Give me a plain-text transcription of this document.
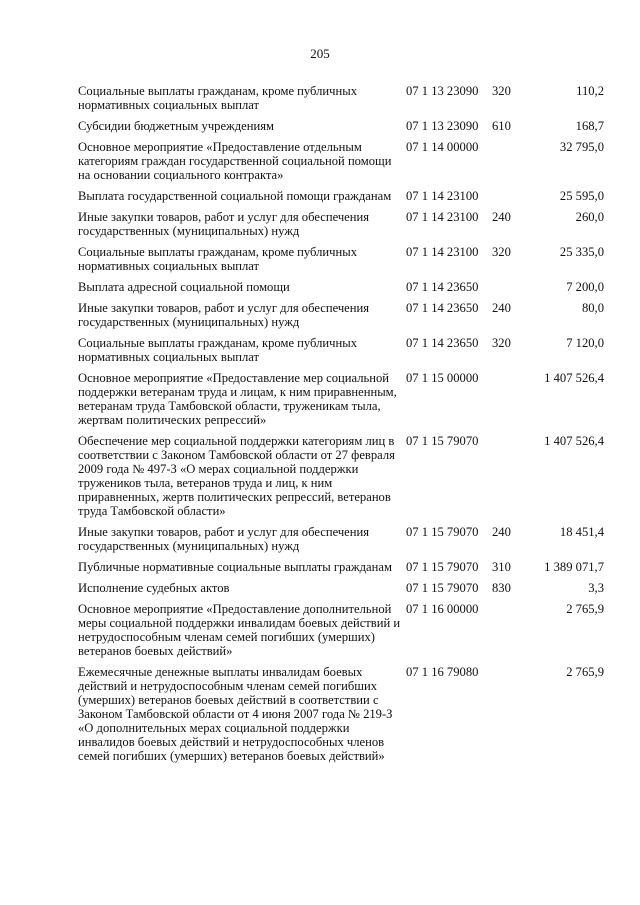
205
Социальные выплаты гражданам, кроме публичных нормативных социальных выплат	07 1 13 23090	320	110,2
Субсидии бюджетным учреждениям	07 1 13 23090	610	168,7
Основное мероприятие «Предоставление отдельным категориям граждан государственной социальной помощи на основании социального контракта»	07 1 14 00000		32 795,0
Выплата государственной социальной помощи гражданам	07 1 14 23100		25 595,0
Иные закупки товаров, работ и услуг для обеспечения государственных (муниципальных) нужд	07 1 14 23100	240	260,0
Социальные выплаты гражданам, кроме публичных нормативных социальных выплат	07 1 14 23100	320	25 335,0
Выплата адресной социальной помощи	07 1 14 23650		7 200,0
Иные закупки товаров, работ и услуг для обеспечения государственных (муниципальных) нужд	07 1 14 23650	240	80,0
Социальные выплаты гражданам, кроме публичных нормативных социальных выплат	07 1 14 23650	320	7 120,0
Основное мероприятие «Предоставление мер социальной поддержки ветеранам труда и лицам, к ним приравненным, ветеранам труда Тамбовской области, труженикам тыла, жертвам политических репрессий»	07 1 15 00000		1 407 526,4
Обеспечение мер социальной поддержки категориям лиц в соответствии с Законом Тамбовской области от 27 февраля 2009 года № 497-З «О мерах социальной поддержки тружеников тыла, ветеранов труда и лиц, к ним приравненных, жертв политических репрессий, ветеранов труда Тамбовской области»	07 1 15 79070		1 407 526,4
Иные закупки товаров, работ и услуг для обеспечения государственных (муниципальных) нужд	07 1 15 79070	240	18 451,4
Публичные нормативные социальные выплаты гражданам	07 1 15 79070	310	1 389 071,7
Исполнение судебных актов	07 1 15 79070	830	3,3
Основное мероприятие «Предоставление дополнительной меры социальной поддержки инвалидам боевых действий и нетрудоспособным членам семей погибших (умерших) ветеранов боевых действий»	07 1 16 00000		2 765,9
Ежемесячные денежные выплаты инвалидам боевых действий и нетрудоспособным членам семей погибших (умерших) ветеранов боевых действий в соответствии с Законом Тамбовской области от 4 июня 2007 года № 219-З «О дополнительных мерах социальной поддержки инвалидов боевых действий и нетрудоспособных членов семей погибших (умерших) ветеранов боевых действий»	07 1 16 79080		2 765,9
